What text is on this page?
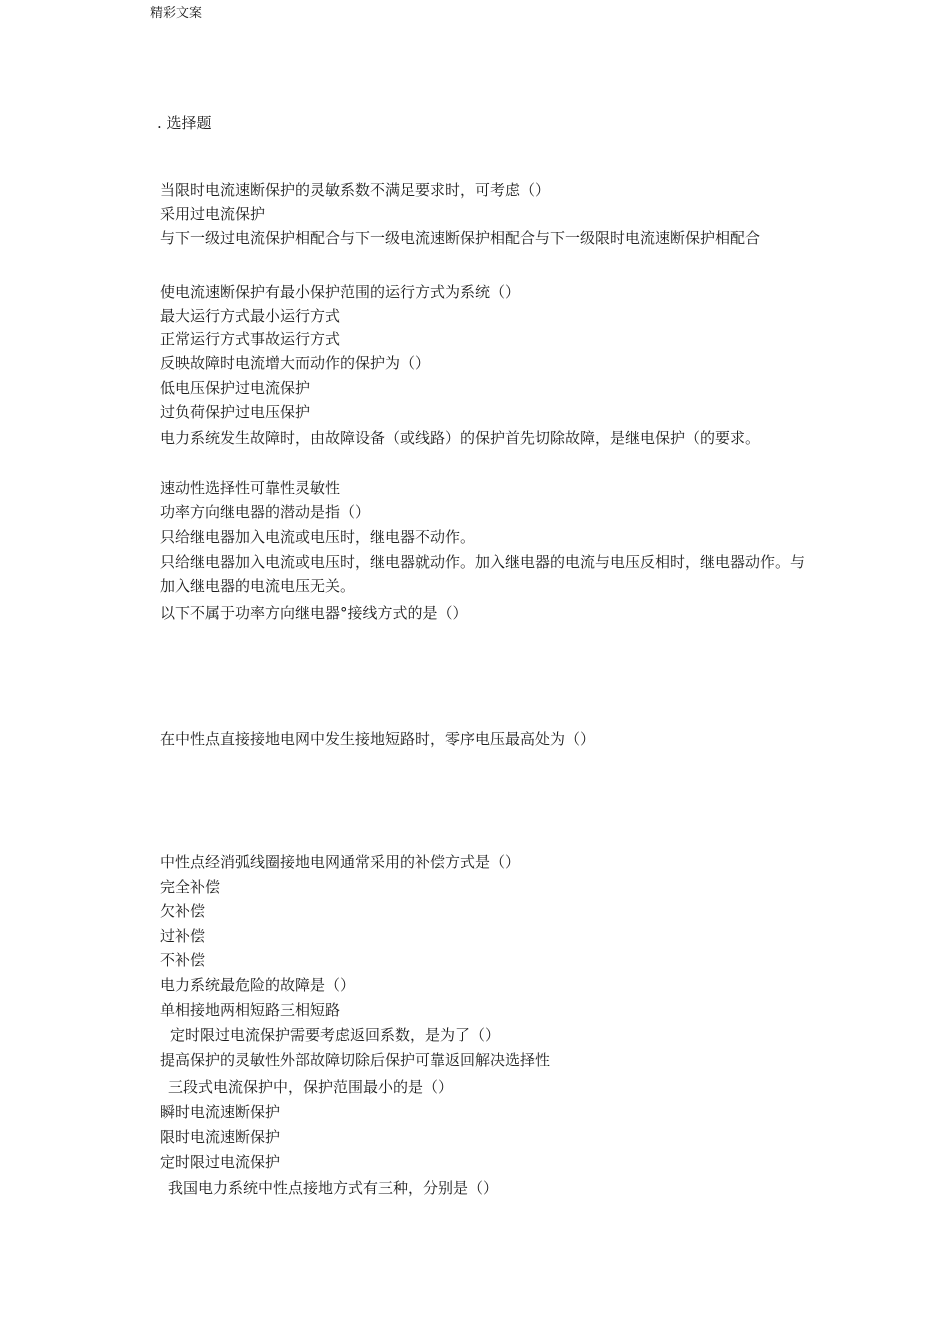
精彩文案
. 选择题
当限时电流速断保护的灵敏系数不满足要求时，可考虑（）
采用过电流保护
与下一级过电流保护相配合与下一级电流速断保护相配合与下一级限时电流速断保护相配合
使电流速断保护有最小保护范围的运行方式为系统（）
最大运行方式最小运行方式
正常运行方式事故运行方式
反映故障时电流增大而动作的保护为（）
低电压保护过电流保护
过负荷保护过电压保护
电力系统发生故障时，由故障设备（或线路）的保护首先切除故障，是继电保护（的要求。
速动性选择性可靠性灵敏性
功率方向继电器的潜动是指（）
只给继电器加入电流或电压时，继电器不动作。
只给继电器加入电流或电压时，继电器就动作。加入继电器的电流与电压反相时，继电器动作。与加入继电器的电流电压无关。
以下不属于功率方向继电器°接线方式的是（）
在中性点直接接地电网中发生接地短路时，零序电压最高处为（）
中性点经消弧线圈接地电网通常采用的补偿方式是（）
完全补偿
欠补偿
过补偿
不补偿
电力系统最危险的故障是（）
单相接地两相短路三相短路
定时限过电流保护需要考虑返回系数，是为了（）
提高保护的灵敏性外部故障切除后保护可靠返回解决选择性
三段式电流保护中，保护范围最小的是（）
瞬时电流速断保护
限时电流速断保护
定时限过电流保护
我国电力系统中性点接地方式有三种，分别是（）
